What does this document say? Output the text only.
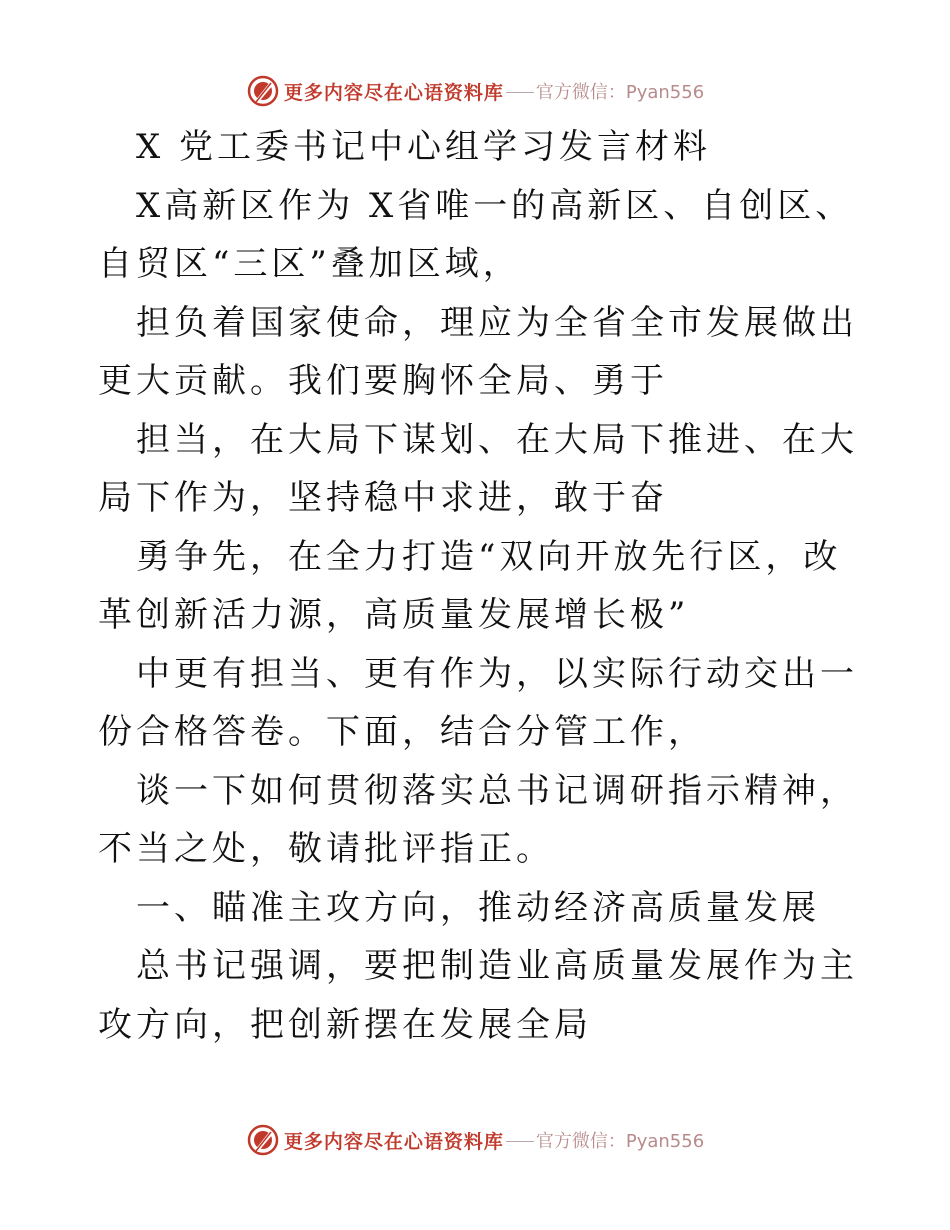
更多内容尽在心语资料库 官方微信：Pyan556

X 党工委书记中心组学习发言材料

X高新区作为 X省唯一的高新区、自创区、自贸区“三区”叠加区域，

担负着国家使命，理应为全省全市发展做出更大贡献。我们要胸怀全局、勇于

担当，在大局下谋划、在大局下推进、在大局下作为，坚持稳中求进，敢于奋

勇争先，在全力打造“双向开放先行区，改革创新活力源，高质量发展增长极”

中更有担当、更有作为，以实际行动交出一份合格答卷。下面，结合分管工作，

谈一下如何贯彻落实总书记调研指示精神，不当之处，敬请批评指正。

一、瞄准主攻方向，推动经济高质量发展

总书记强调，要把制造业高质量发展作为主攻方向，把创新摆在发展全局

更多内容尽在心语资料库 官方微信：Pyan556
